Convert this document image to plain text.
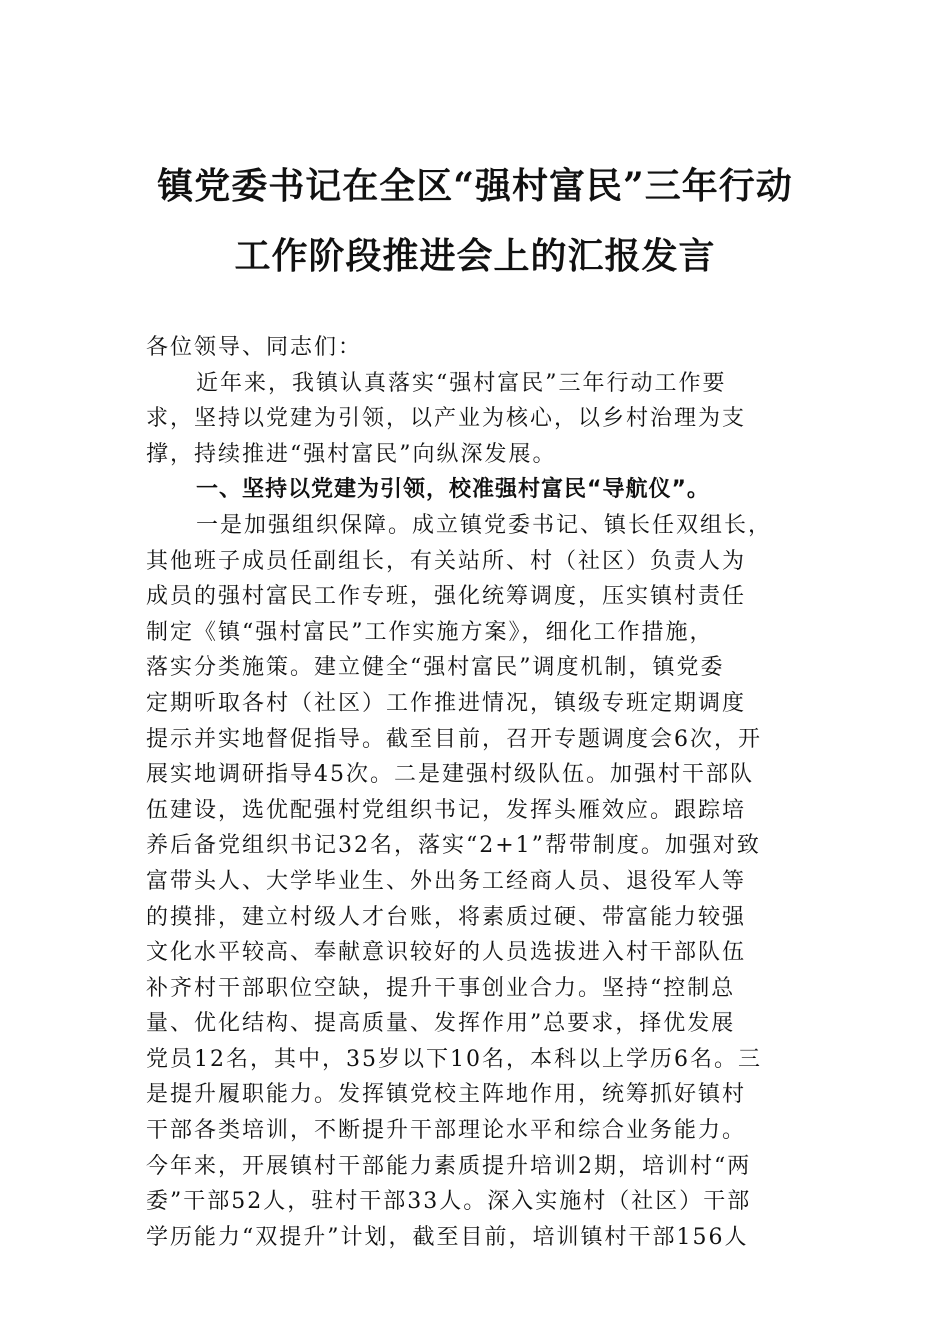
镇党委书记在全区“强村富民”三年行动
工作阶段推进会上的汇报发言
各位领导、同志们：
近年来，我镇认真落实“强村富民”三年行动工作要
求，坚持以党建为引领，以产业为核心，以乡村治理为支
撑，持续推进“强村富民”向纵深发展。
一、坚持以党建为引领，校准强村富民“导航仪”。
一是加强组织保障。成立镇党委书记、镇长任双组长，
其他班子成员任副组长，有关站所、村（社区）负责人为
成员的强村富民工作专班，强化统筹调度，压实镇村责任
制定《镇“强村富民”工作实施方案》，细化工作措施，
落实分类施策。建立健全“强村富民”调度机制，镇党委
定期听取各村（社区）工作推进情况，镇级专班定期调度
提示并实地督促指导。截至目前，召开专题调度会6次，开
展实地调研指导45次。二是建强村级队伍。加强村干部队
伍建设，选优配强村党组织书记，发挥头雁效应。跟踪培
养后备党组织书记32名，落实“2+1”帮带制度。加强对致
富带头人、大学毕业生、外出务工经商人员、退役军人等
的摸排，建立村级人才台账，将素质过硬、带富能力较强
文化水平较高、奉献意识较好的人员选拔进入村干部队伍
补齐村干部职位空缺，提升干事创业合力。坚持“控制总
量、优化结构、提高质量、发挥作用”总要求，择优发展
党员12名，其中，35岁以下10名，本科以上学历6名。三
是提升履职能力。发挥镇党校主阵地作用，统筹抓好镇村
干部各类培训，不断提升干部理论水平和综合业务能力。
今年来，开展镇村干部能力素质提升培训2期，培训村“两
委”干部52人，驻村干部33人。深入实施村（社区）干部
学历能力“双提升”计划，截至目前，培训镇村干部156人
